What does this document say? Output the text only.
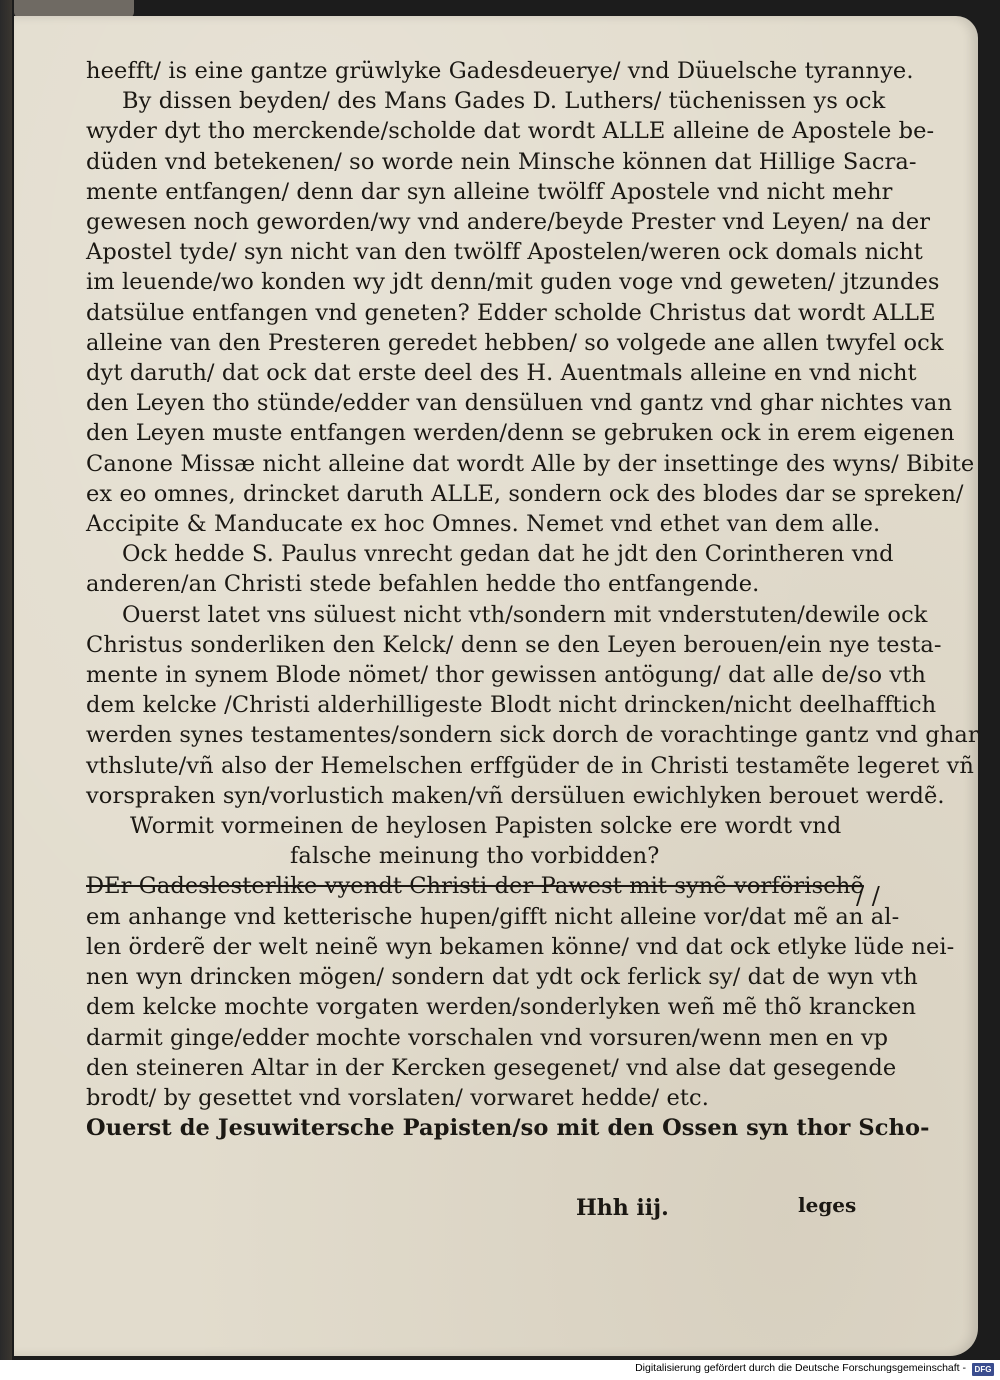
heefft/ is eine gantze grüwlyke Gadesdeuerye/ vnd Düuelsche tyrannye.
By dissen beyden/ des Mans Gades D. Luthers/ tüchenissen ys ock
wyder dyt tho merckende/scholde dat wordt ALLE alleine de Apostele be-
düden vnd betekenen/ so worde nein Minsche können dat Hillige Sacra-
mente entfangen/ denn dar syn alleine twölff Apostele vnd nicht mehr
gewesen noch geworden/wy vnd andere/beyde Prester vnd Leyen/ na der
Apostel tyde/ syn nicht van den twölff Apostelen/weren ock domals nicht
im leuende/wo konden wy jdt denn/mit guden voge vnd geweten/ jtzundes
datsülue entfangen vnd geneten? Edder scholde Christus dat wordt ALLE
alleine van den Presteren geredet hebben/ so volgede ane allen twyfel ock
dyt daruth/ dat ock dat erste deel des H. Auentmals alleine en vnd nicht
den Leyen tho stünde/edder van densüluen vnd gantz vnd ghar nichtes van
den Leyen muste entfangen werden/denn se gebruken ock in erem eigenen
Canone Missæ nicht alleine dat wordt Alle by der insettinge des wyns/ Bibite
ex eo omnes, drincket daruth ALLE, sondern ock des blodes dar se spreken/
Accipite & Manducate ex hoc Omnes. Nemet vnd ethet van dem alle.
Ock hedde S. Paulus vnrecht gedan dat he jdt den Corintheren vnd
anderen/an Christi stede befahlen hedde tho entfangende.
Ouerst latet vns süluest nicht vth/sondern mit vnderstuten/dewile ock
Christus sonderliken den Kelck/ denn se den Leyen berouen/ein nye testa-
mente in synem Blode nömet/ thor gewissen antögung/ dat alle de/so vth
dem kelcke /Christi alderhilligeste Blodt nicht drincken/nicht deelhafftich
werden synes testamentes/sondern sick dorch de vorachtinge gantz vnd ghar
vthslute/vñ also der Hemelschen erffgüder de in Christi testamẽte legeret vñ
vorspraken syn/vorlustich maken/vñ dersüluen ewichlyken berouet werdẽ.
Wormit vormeinen de heylosen Papisten solcke ere wordt vnd
falsche meinung tho vorbidden?
DEr Gadeslesterlike vyendt Christi der Pawest mit synẽ vorförischẽ
em anhange vnd ketterische hupen/gifft nicht alleine vor/dat mẽ an al-
len örderẽ der welt neinẽ wyn bekamen könne/ vnd dat ock etlyke lüde nei-
nen wyn drincken mögen/ sondern dat ydt ock ferlick sy/ dat de wyn vth
dem kelcke mochte vorgaten werden/sonderlyken weñ mẽ thõ krancken
darmit ginge/edder mochte vorschalen vnd vorsuren/wenn men en vp
den steineren Altar in der Kercken gesegenet/ vnd alse dat gesegende
brodt/ by gesettet vnd vorslaten/ vorwaret hedde/ etc.
Ouerst de Jesuwitersche Papisten/so mit den Ossen syn thor Scho-
/ /
Hhh iij.	leges
Digitalisierung gefördert durch die Deutsche Forschungsgemeinschaft -	DFG
